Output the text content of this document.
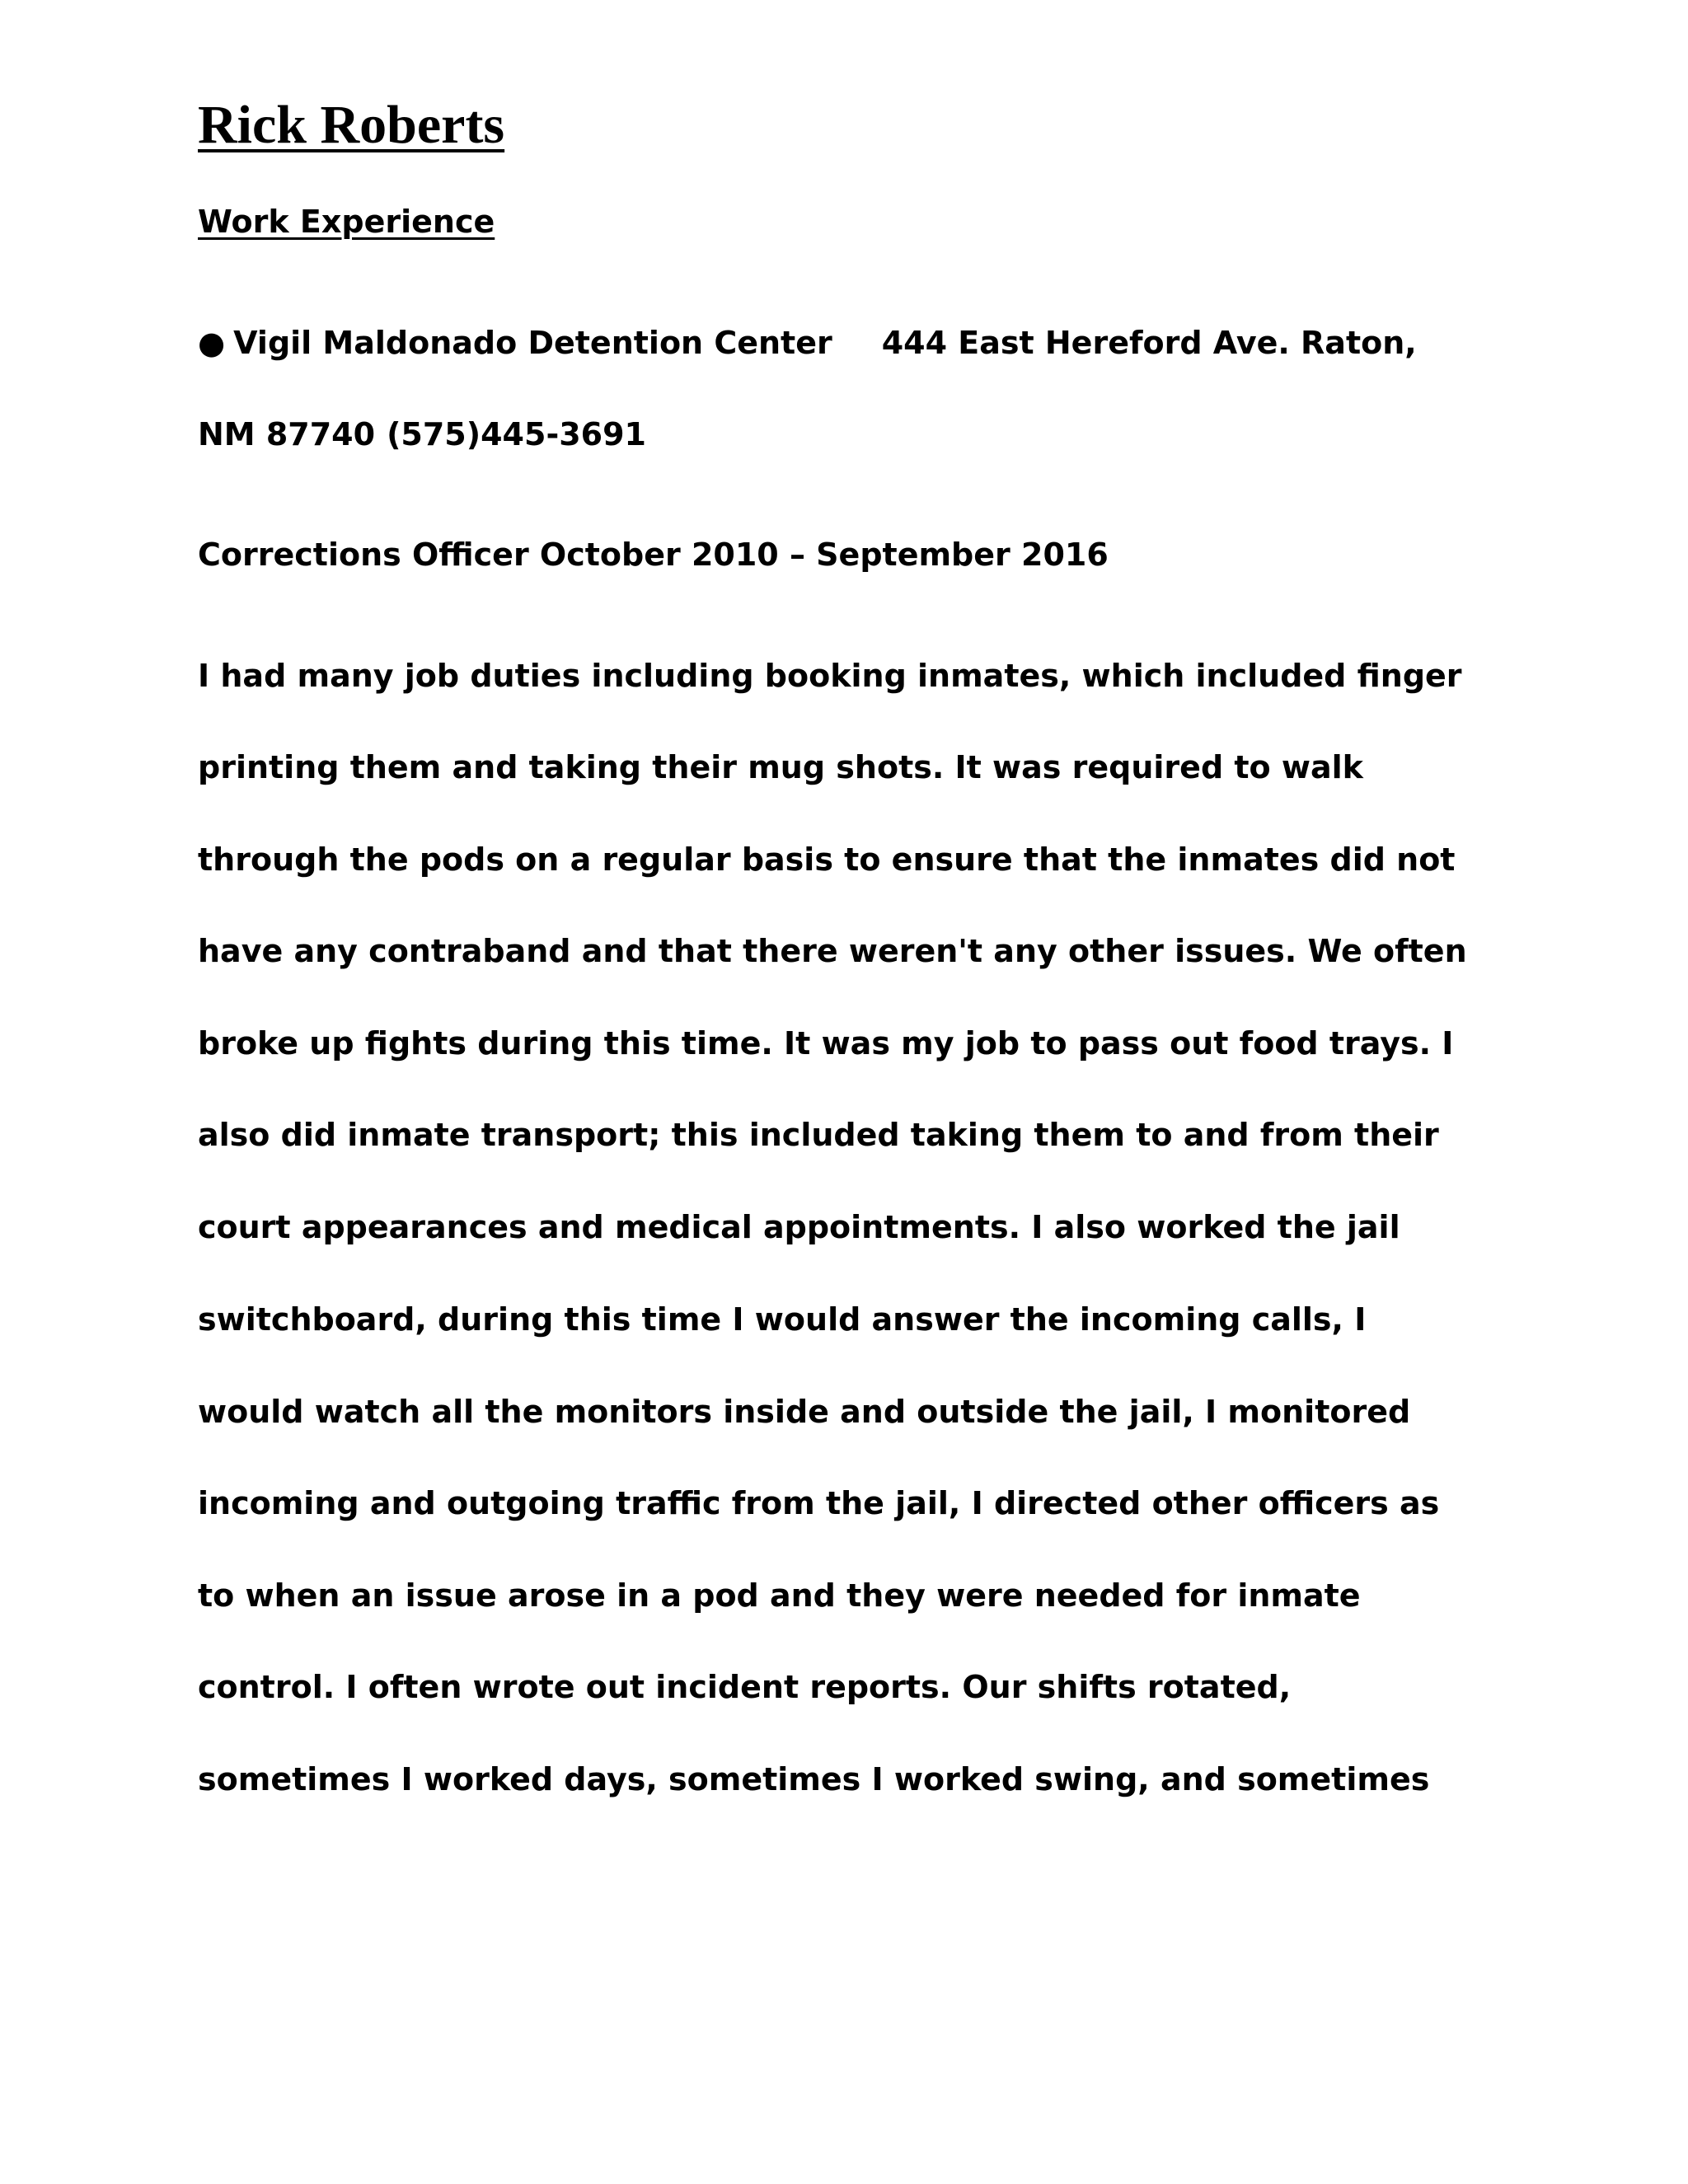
Rick Roberts
Work Experience
● Vigil Maldonado Detention Center 444 East Hereford Ave. Raton,
NM 87740 (575)445-3691
Corrections Officer October 2010 – September 2016
I had many job duties including booking inmates, which included finger
printing them and taking their mug shots. It was required to walk
through the pods on a regular basis to ensure that the inmates did not
have any contraband and that there weren't any other issues. We often
broke up fights during this time. It was my job to pass out food trays. I
also did inmate transport; this included taking them to and from their
court appearances and medical appointments. I also worked the jail
switchboard, during this time I would answer the incoming calls, I
would watch all the monitors inside and outside the jail, I monitored
incoming and outgoing traffic from the jail, I directed other officers as
to when an issue arose in a pod and they were needed for inmate
control. I often wrote out incident reports. Our shifts rotated,
sometimes I worked days, sometimes I worked swing, and sometimes
